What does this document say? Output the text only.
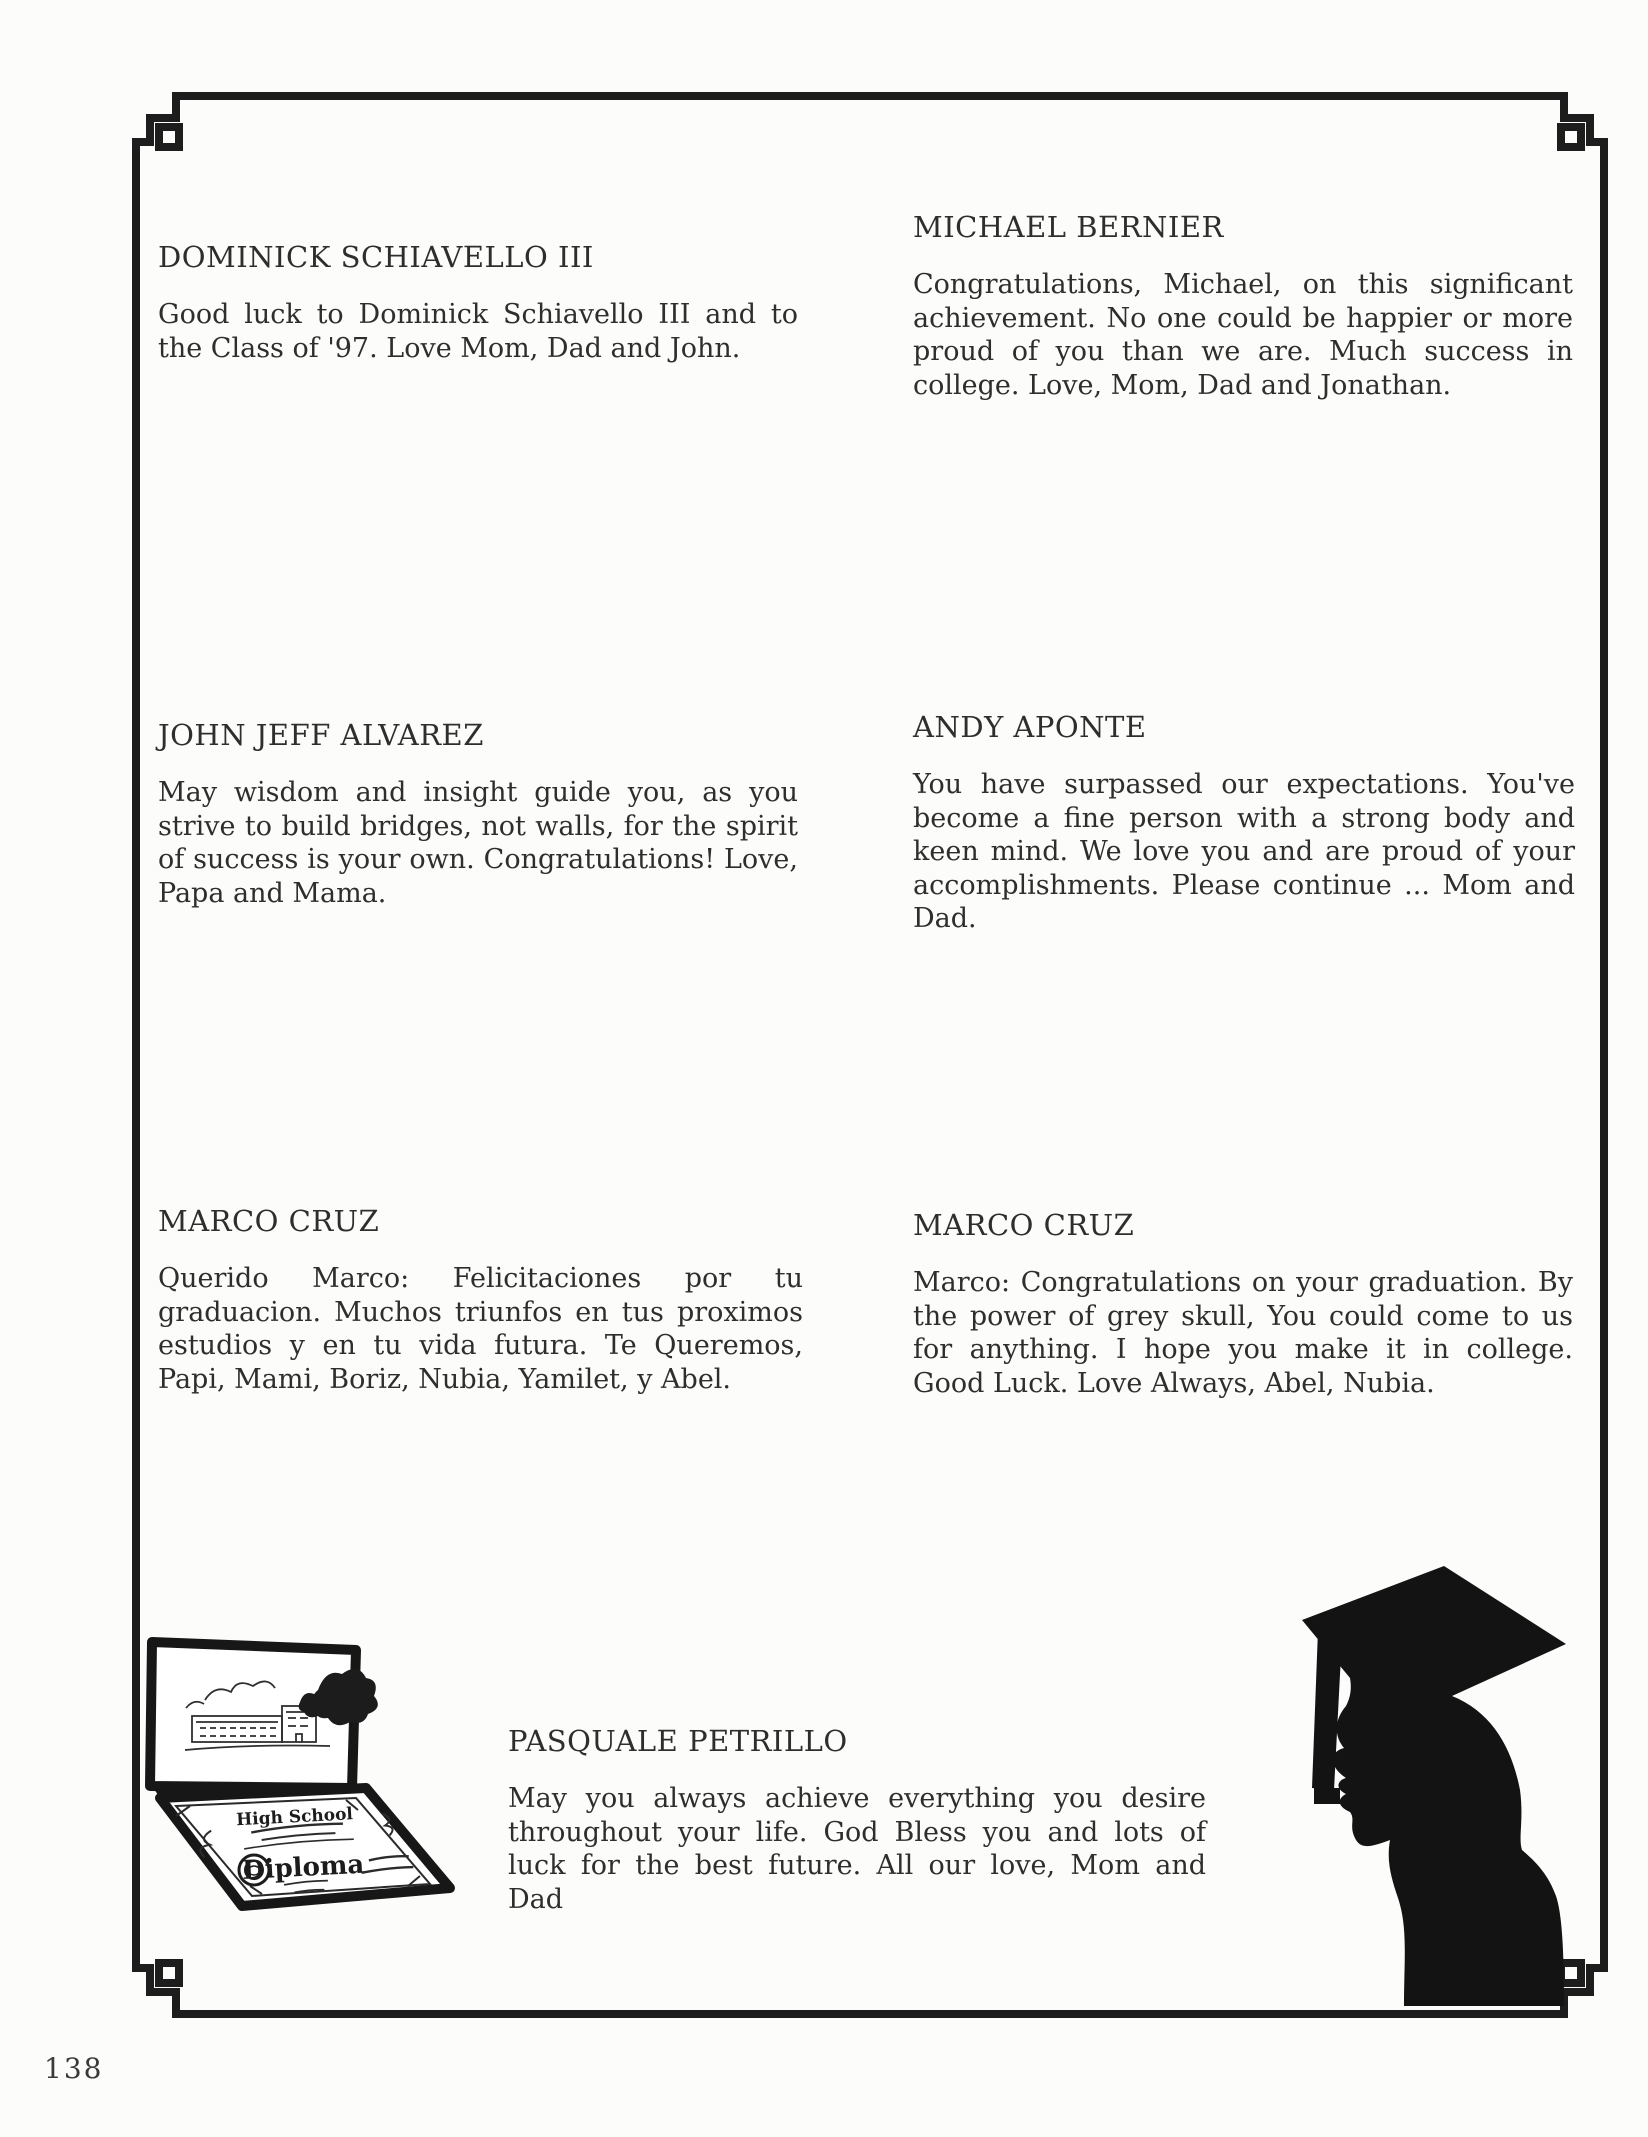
DOMINICK SCHIAVELLO III

Good luck to Dominick Schiavello III and to the Class of '97. Love Mom, Dad and John.

MICHAEL BERNIER

Congratulations, Michael, on this significant achievement. No one could be happier or more proud of you than we are. Much success in college. Love, Mom, Dad and Jonathan.

JOHN JEFF ALVAREZ

May wisdom and insight guide you, as you strive to build bridges, not walls, for the spirit of success is your own. Congratulations! Love, Papa and Mama.

ANDY APONTE

You have surpassed our expectations. You've become a fine person with a strong body and keen mind. We love you and are proud of your accomplishments. Please continue ... Mom and Dad.

MARCO CRUZ

Querido Marco: Felicitaciones por tu graduacion. Muchos triunfos en tus proximos estudios y en tu vida futura. Te Queremos, Papi, Mami, Boriz, Nubia, Yamilet, y Abel.

MARCO CRUZ

Marco: Congratulations on your graduation. By the power of grey skull, You could come to us for anything. I hope you make it in college. Good Luck. Love Always, Abel, Nubia.

PASQUALE PETRILLO

May you always achieve everything you desire throughout your life. God Bless you and lots of luck for the best future. All our love, Mom and Dad

High School
Diploma
138
